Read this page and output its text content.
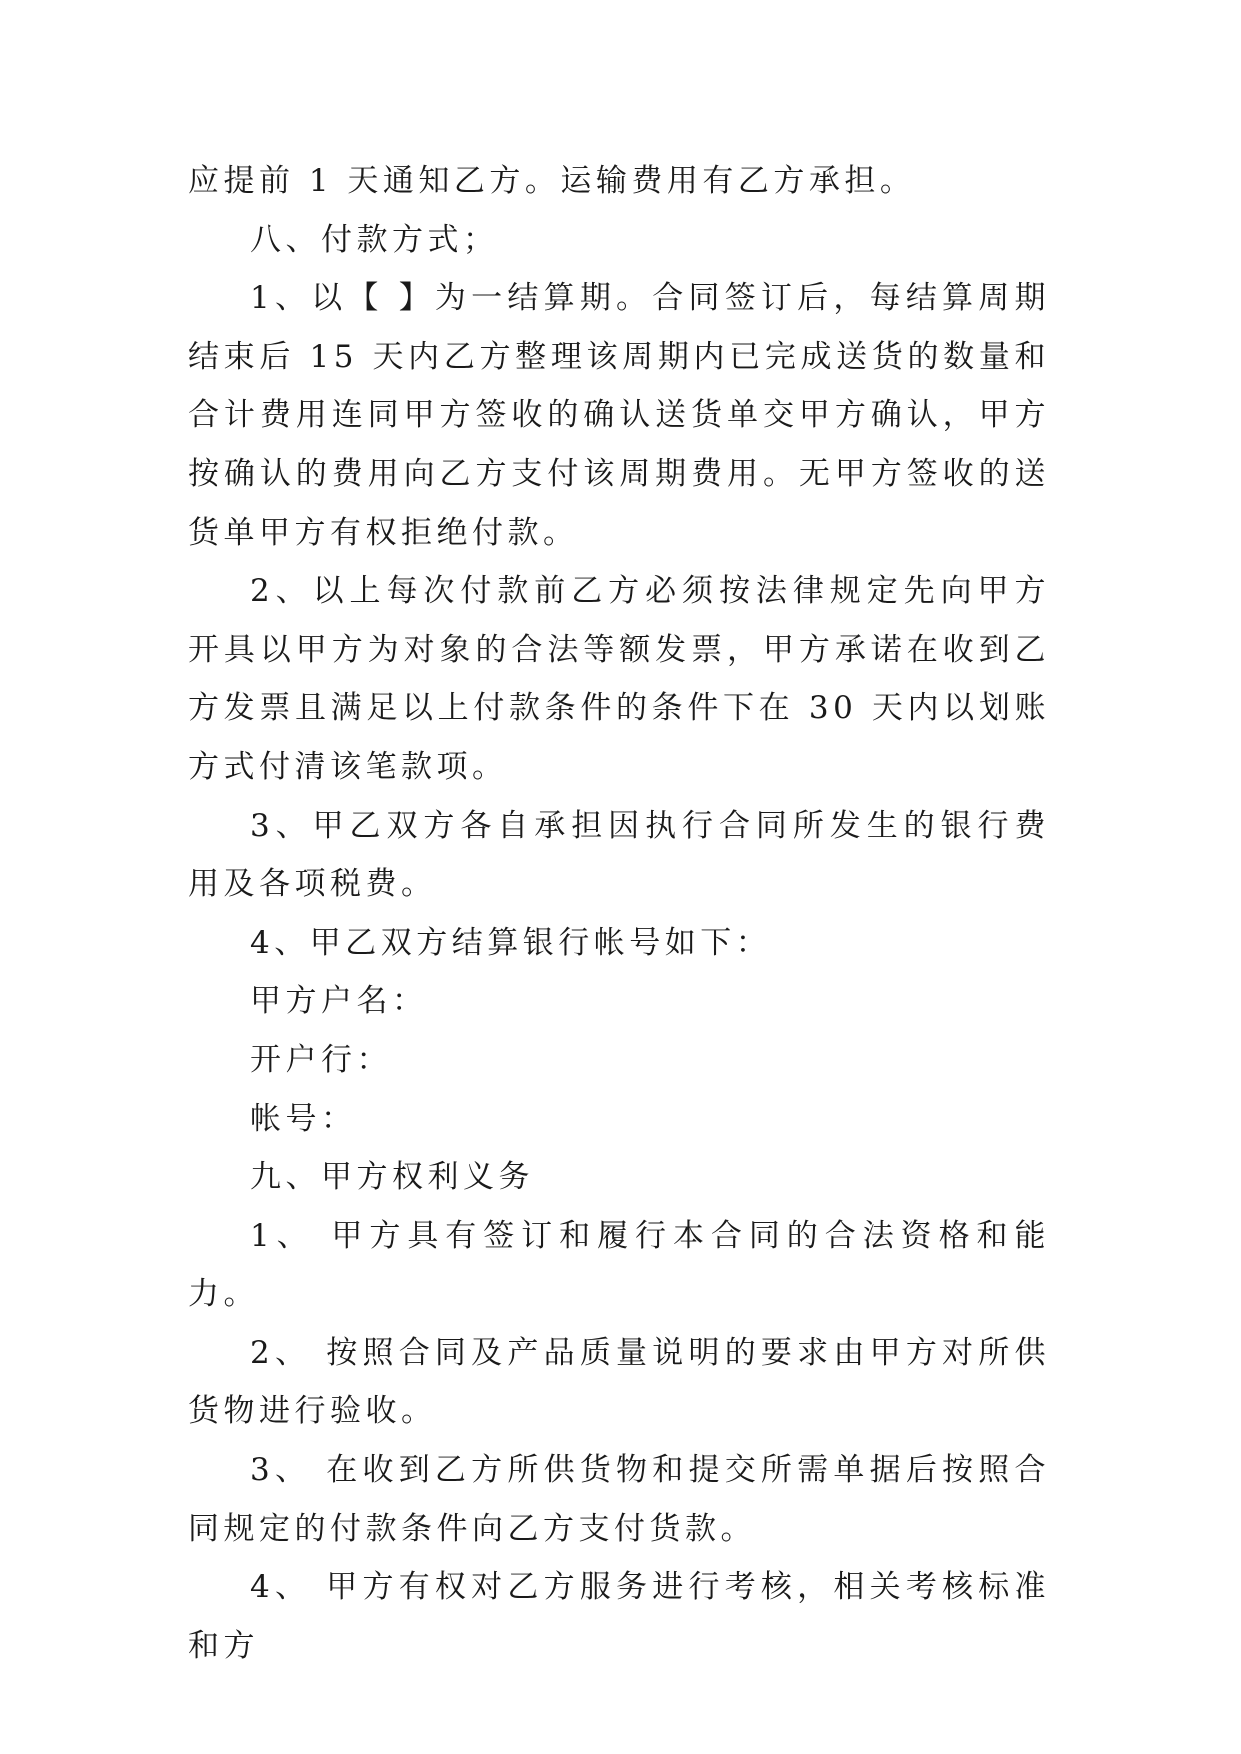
应提前 1 天通知乙方。运输费用有乙方承担。

八、付款方式；

1、以【 】为一结算期。合同签订后，每结算周期结束后 15 天内乙方整理该周期内已完成送货的数量和合计费用连同甲方签收的确认送货单交甲方确认，甲方按确认的费用向乙方支付该周期费用。无甲方签收的送货单甲方有权拒绝付款。

2、以上每次付款前乙方必须按法律规定先向甲方开具以甲方为对象的合法等额发票，甲方承诺在收到乙方发票且满足以上付款条件的条件下在 30 天内以划账方式付清该笔款项。

3、甲乙双方各自承担因执行合同所发生的银行费用及各项税费。

4、甲乙双方结算银行帐号如下：

甲方户名：

开户行：

帐号：

九、甲方权利义务

1、 甲方具有签订和履行本合同的合法资格和能力。

2、 按照合同及产品质量说明的要求由甲方对所供货物进行验收。

3、 在收到乙方所供货物和提交所需单据后按照合同规定的付款条件向乙方支付货款。

4、 甲方有权对乙方服务进行考核，相关考核标准和方
